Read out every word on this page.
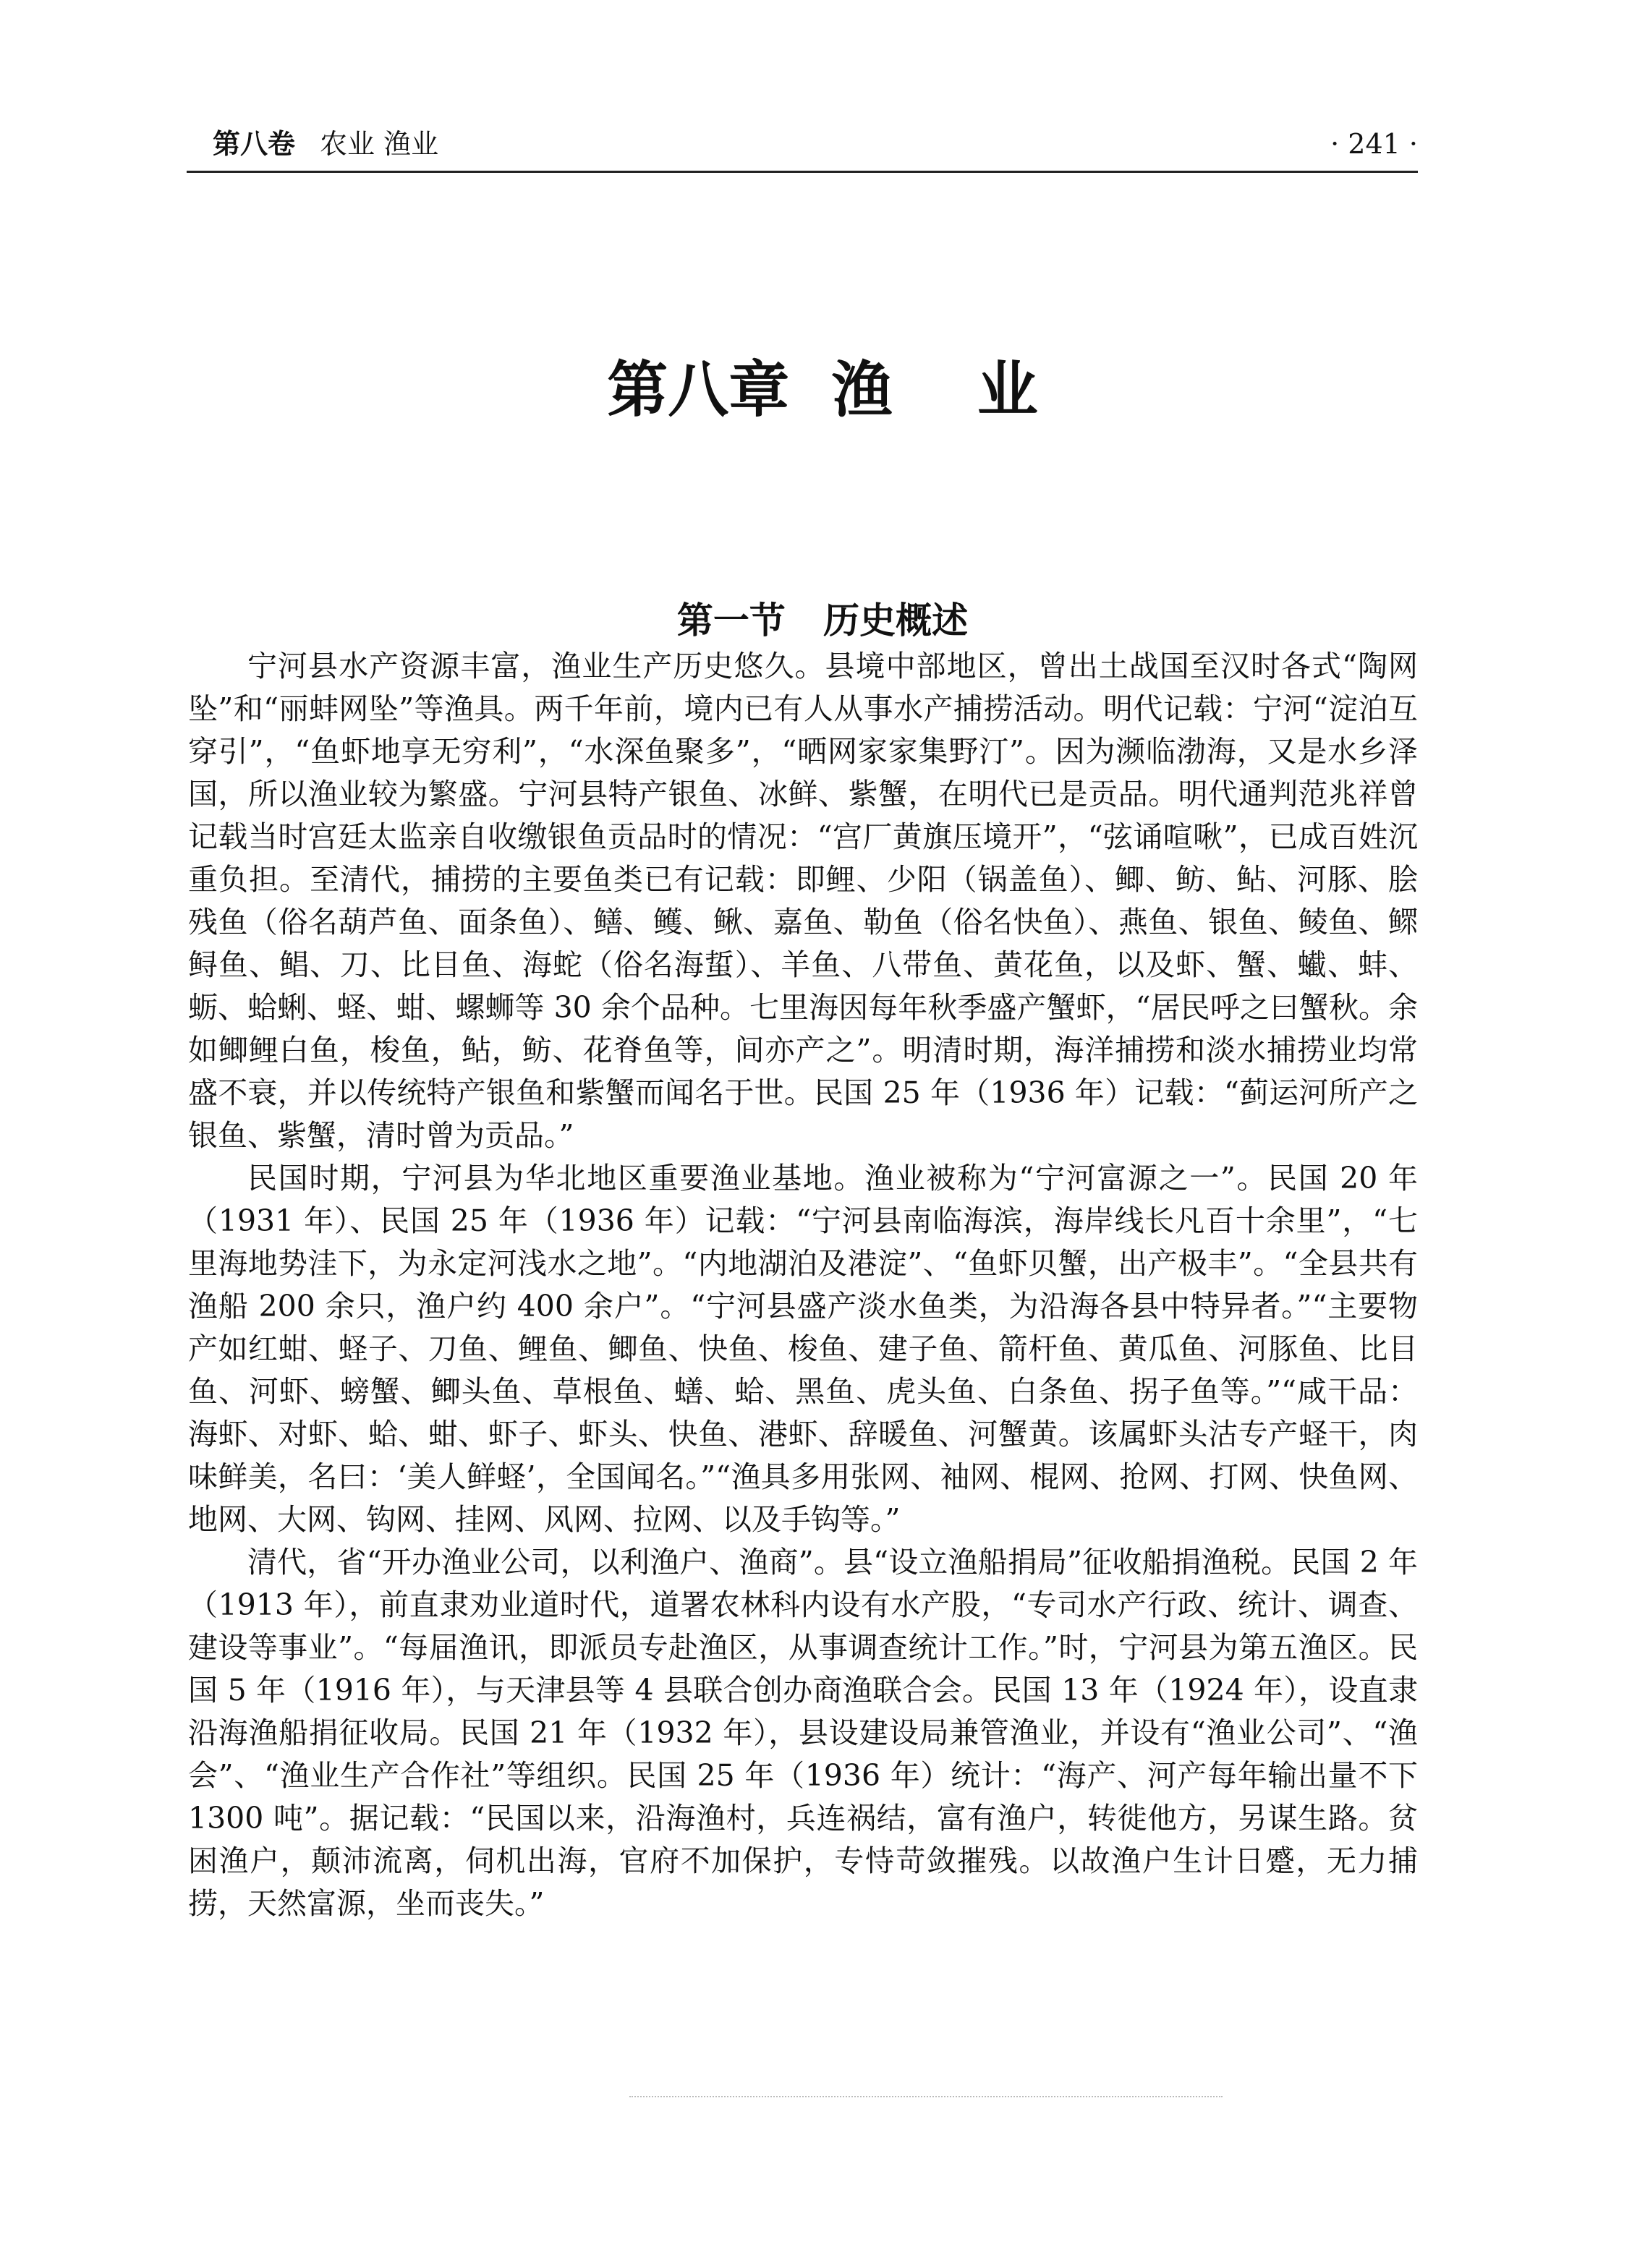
第八卷 农业 渔业	· 241 ·
第八章  渔    业
第一节   历史概述

宁河县水产资源丰富，渔业生产历史悠久。县境中部地区，曾出土战国至汉时各式“陶网坠”和“丽蚌网坠”等渔具。两千年前，境内已有人从事水产捕捞活动。明代记载：宁河“淀泊互穿引”，“鱼虾地享无穷利”，“水深鱼聚多”，“晒网家家集野汀”。因为濒临渤海，又是水乡泽国，所以渔业较为繁盛。宁河县特产银鱼、冰鲜、紫蟹，在明代已是贡品。明代通判范兆祥曾记载当时宫廷太监亲自收缴银鱼贡品时的情况：“宫厂黄旗压境开”，“弦诵喧啾”，已成百姓沉重负担。至清代，捕捞的主要鱼类已有记载：即鲤、少阳（锅盖鱼）、鲫、鲂、鲇、河豚、脍残鱼（俗名葫芦鱼、面条鱼）、鳝、鳠、鳅、嘉鱼、勒鱼（俗名快鱼）、燕鱼、银鱼、鲮鱼、鳏鲟鱼、鲳、刀、比目鱼、海蛇（俗名海蜇）、羊鱼、八带鱼、黄花鱼，以及虾、蟹、蠘、蚌、蛎、蛤蜊、蛏、蚶、螺蛳等 30 余个品种。七里海因每年秋季盛产蟹虾，“居民呼之曰蟹秋。余如鲫鲤白鱼，梭鱼，鲇，鲂、花脊鱼等，间亦产之”。明清时期，海洋捕捞和淡水捕捞业均常盛不衰，并以传统特产银鱼和紫蟹而闻名于世。民国 25 年（1936 年）记载：“蓟运河所产之银鱼、紫蟹，清时曾为贡品。”

民国时期，宁河县为华北地区重要渔业基地。渔业被称为“宁河富源之一”。民国 20 年（1931 年）、民国 25 年（1936 年）记载：“宁河县南临海滨，海岸线长凡百十余里”，“七里海地势洼下，为永定河浅水之地”。“内地湖泊及港淀”、“鱼虾贝蟹，出产极丰”。“全县共有渔船 200 余只，渔户约 400 余户”。“宁河县盛产淡水鱼类，为沿海各县中特异者。”“主要物产如红蚶、蛏子、刀鱼、鲤鱼、鲫鱼、快鱼、梭鱼、建子鱼、箭杆鱼、黄瓜鱼、河豚鱼、比目鱼、河虾、螃蟹、鲫头鱼、草根鱼、蟮、蛤、黑鱼、虎头鱼、白条鱼、拐子鱼等。”“咸干品：海虾、对虾、蛤、蚶、虾子、虾头、快鱼、港虾、辞暖鱼、河蟹黄。该属虾头沽专产蛏干，肉味鲜美，名曰：‘美人鲜蛏’，全国闻名。”“渔具多用张网、袖网、棍网、抢网、打网、快鱼网、地网、大网、钩网、挂网、风网、拉网、以及手钩等。”

清代，省“开办渔业公司，以利渔户、渔商”。县“设立渔船捐局”征收船捐渔税。民国 2 年（1913 年），前直隶劝业道时代，道署农林科内设有水产股，“专司水产行政、统计、调查、建设等事业”。“每届渔讯，即派员专赴渔区，从事调查统计工作。”时，宁河县为第五渔区。民国 5 年（1916 年），与天津县等 4 县联合创办商渔联合会。民国 13 年（1924 年），设直隶沿海渔船捐征收局。民国 21 年（1932 年），县设建设局兼管渔业，并设有“渔业公司”、“渔会”、“渔业生产合作社”等组织。民国 25 年（1936 年）统计：“海产、河产每年输出量不下 1300 吨”。据记载：“民国以来，沿海渔村，兵连祸结，富有渔户，转徙他方，另谋生路。贫困渔户，颠沛流离，伺机出海，官府不加保护，专恃苛敛摧残。以故渔户生计日蹙，无力捕捞，天然富源，坐而丧失。”
